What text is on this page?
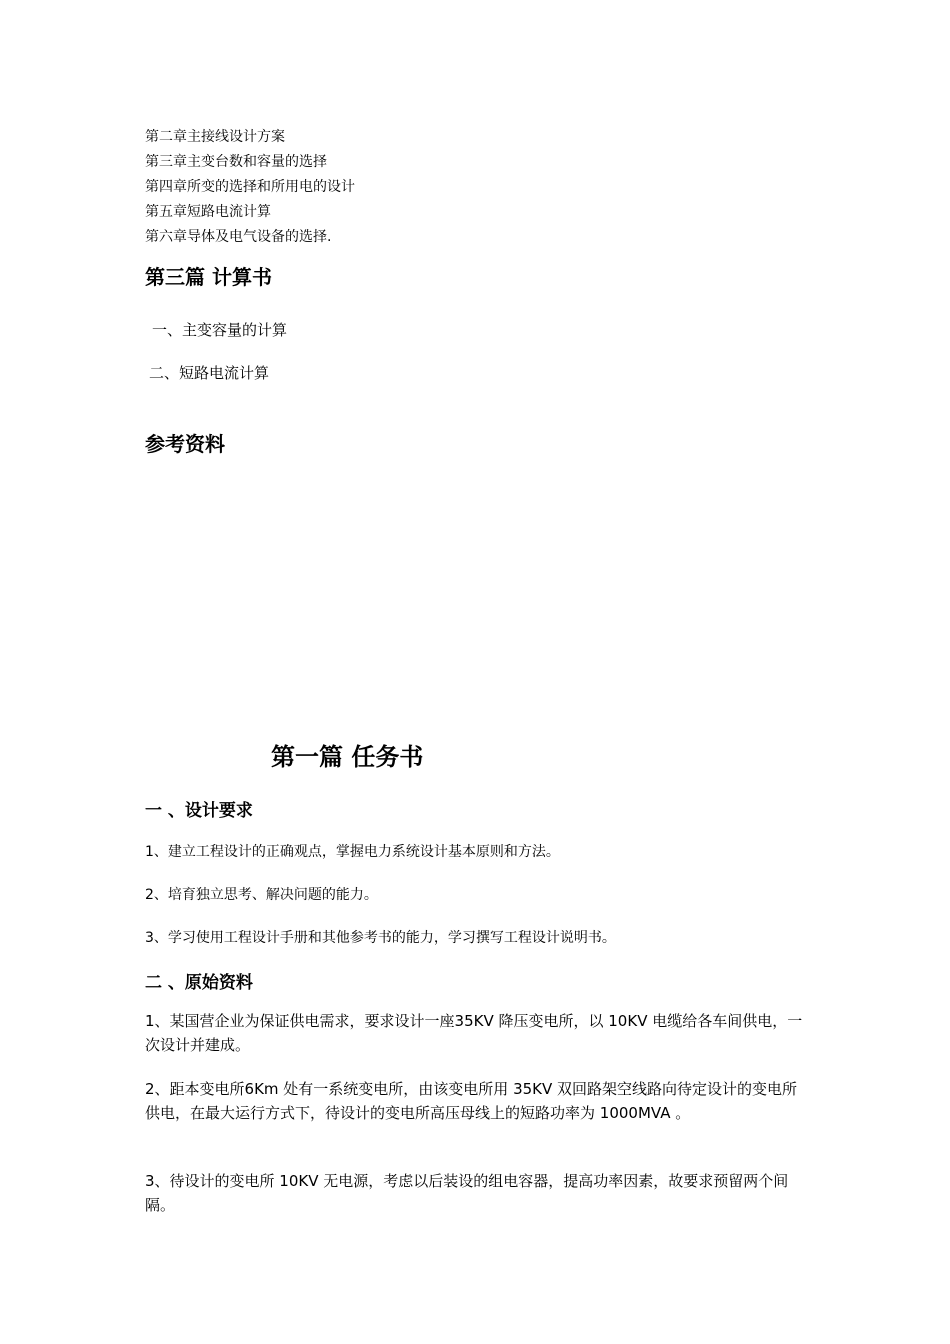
第二章主接线设计方案
第三章主变台数和容量的选择
第四章所变的选择和所用电的设计
第五章短路电流计算
第六章导体及电气设备的选择.
第三篇 计算书
一、主变容量的计算
二、短路电流计算
参考资料
第一篇 任务书
一 、设计要求
1、建立工程设计的正确观点，掌握电力系统设计基本原则和方法。
2、培育独立思考、解决问题的能力。
3、学习使用工程设计手册和其他参考书的能力，学习撰写工程设计说明书。
二 、原始资料
1、某国营企业为保证供电需求，要求设计一座35KV 降压变电所，以 10KV 电缆给各车间供电，一次设计并建成。
2、距本变电所6Km 处有一系统变电所，由该变电所用 35KV 双回路架空线路向待定设计的变电所供电，在最大运行方式下，待设计的变电所高压母线上的短路功率为 1000MVA 。
3、待设计的变电所 10KV 无电源，考虑以后装设的组电容器，提高功率因素，故要求预留两个间隔。
